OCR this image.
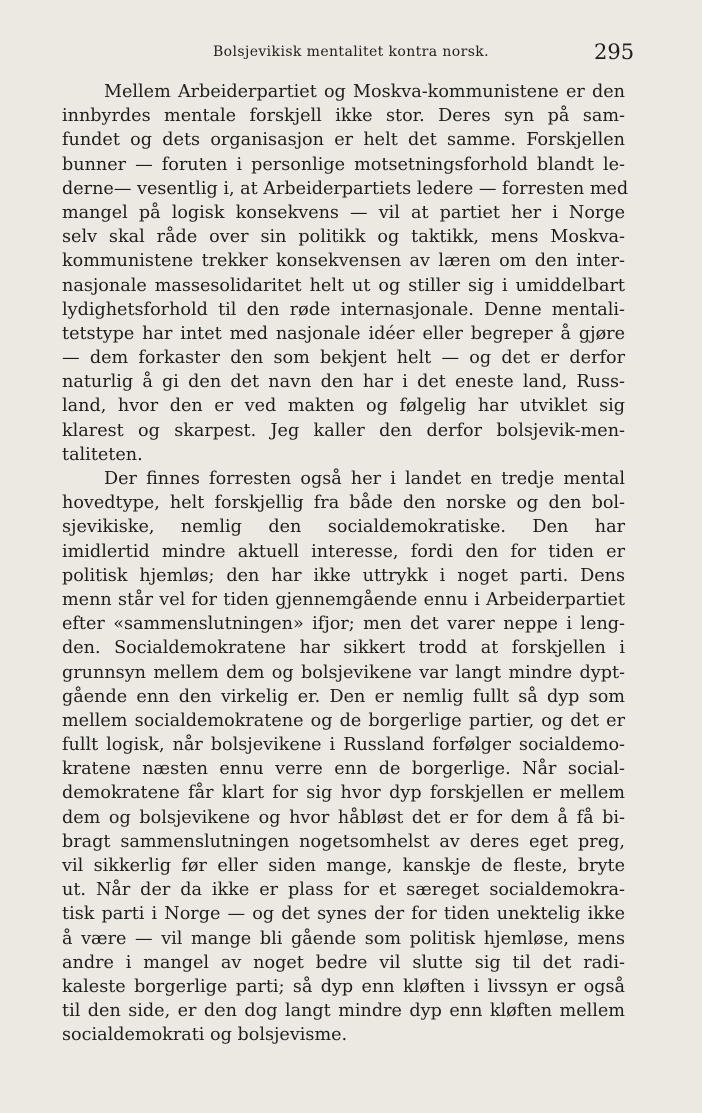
Bolsjevikisk mentalitet kontra norsk.	295
Mellem Arbeiderpartiet og Moskva-kommunistene er den
innbyrdes mentale forskjell ikke stor. Deres syn på sam-
fundet og dets organisasjon er helt det samme. Forskjellen
bunner — foruten i personlige motsetningsforhold blandt le-
derne— vesentlig i, at Arbeiderpartiets ledere — forresten med
mangel på logisk konsekvens — vil at partiet her i Norge
selv skal råde over sin politikk og taktikk, mens Moskva-
kommunistene trekker konsekvensen av læren om den inter-
nasjonale massesolidaritet helt ut og stiller sig i umiddelbart
lydighetsforhold til den røde internasjonale. Denne mentali-
tetstype har intet med nasjonale idéer eller begreper å gjøre
— dem forkaster den som bekjent helt — og det er derfor
naturlig å gi den det navn den har i det eneste land, Russ-
land, hvor den er ved makten og følgelig har utviklet sig
klarest og skarpest. Jeg kaller den derfor bolsjevik-men-
taliteten.
Der finnes forresten også her i landet en tredje mental
hovedtype, helt forskjellig fra både den norske og den bol-
sjevikiske, nemlig den socialdemokratiske. Den har
imidlertid mindre aktuell interesse, fordi den for tiden er
politisk hjemløs; den har ikke uttrykk i noget parti. Dens
menn står vel for tiden gjennemgående ennu i Arbeiderpartiet
efter «sammenslutningen» ifjor; men det varer neppe i leng-
den. Socialdemokratene har sikkert trodd at forskjellen i
grunnsyn mellem dem og bolsjevikene var langt mindre dypt-
gående enn den virkelig er. Den er nemlig fullt så dyp som
mellem socialdemokratene og de borgerlige partier, og det er
fullt logisk, når bolsjevikene i Russland forfølger socialdemo-
kratene næsten ennu verre enn de borgerlige. Når social-
demokratene får klart for sig hvor dyp forskjellen er mellem
dem og bolsjevikene og hvor håbløst det er for dem å få bi-
bragt sammenslutningen nogetsomhelst av deres eget preg,
vil sikkerlig før eller siden mange, kanskje de fleste, bryte
ut. Når der da ikke er plass for et særeget socialdemokra-
tisk parti i Norge — og det synes der for tiden unektelig ikke
å være — vil mange bli gående som politisk hjemløse, mens
andre i mangel av noget bedre vil slutte sig til det radi-
kaleste borgerlige parti; så dyp enn kløften i livssyn er også
til den side, er den dog langt mindre dyp enn kløften mellem
socialdemokrati og bolsjevisme.
